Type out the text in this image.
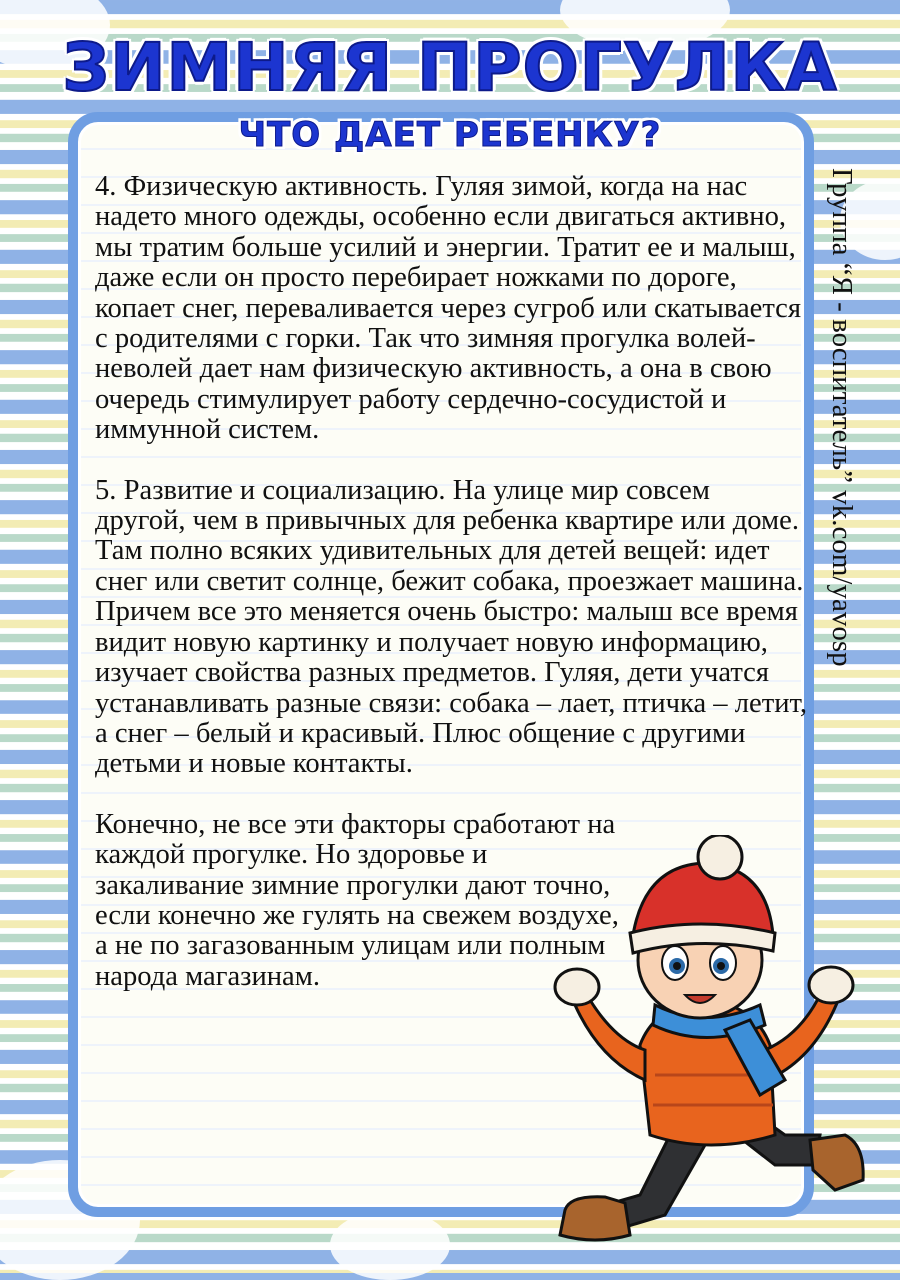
ЗИМНЯЯ ПРОГУЛКА
ЧТО ДАЕТ РЕБЕНКУ?

4. Физическую активность. Гуляя зимой, когда на нас надето много одежды, особенно если двигаться активно, мы тратим больше усилий и энергии. Тратит ее и малыш, даже если он просто перебирает ножками по дороге, копает снег, переваливается через сугроб или скатывается с родителями с горки. Так что зимняя прогулка волей-неволей дает нам физическую активность, а она в свою очередь стимулирует работу сердечно-сосудистой и иммунной систем.

5. Развитие и социализацию. На улице мир совсем другой, чем в привычных для ребенка квартире или доме. Там полно всяких удивительных для детей вещей: идет снег или светит солнце, бежит собака, проезжает машина. Причем все это меняется очень быстро: малыш все время видит новую картинку и получает новую информацию, изучает свойства разных предметов. Гуляя, дети учатся устанавливать разные связи: собака – лает, птичка – летит, а снег – белый и красивый. Плюс общение с другими детьми и новые контакты.

Конечно, не все эти факторы сработают на каждой прогулке. Но здоровье и закаливание зимние прогулки дают точно, если конечно же гулять на свежем воздухе, а не по загазованным улицам или полным народа магазинам.

Группа “Я - воспитатель” vk.com/yavosp
